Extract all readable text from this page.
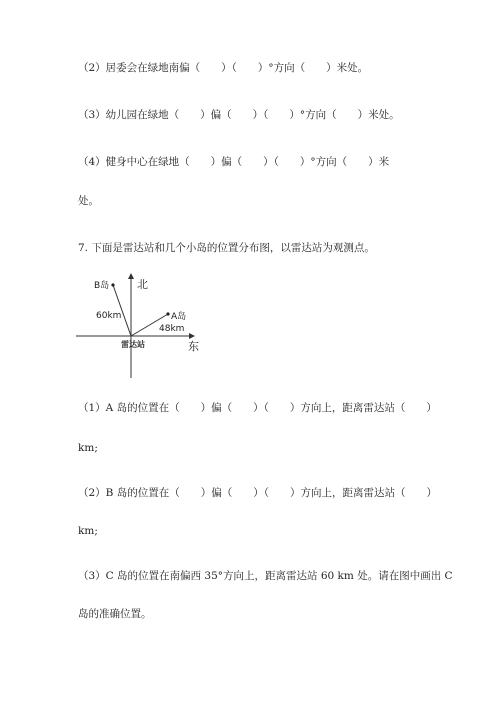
（2）居委会在绿地南偏（　　）（　　）°方向（　　）米处。
（3）幼儿园在绿地（　　）偏（　　）（　　）°方向（　　）米处。
（4）健身中心在绿地（　　）偏（　　）（　　）°方向（　　）米
处。
7. 下面是雷达站和几个小岛的位置分布图，以雷达站为观测点。
北
东
雷达站
B岛
60km	A岛
48km
（1）A 岛的位置在（　　）偏（　　）（　　）方向上，距离雷达站（　　）
km;
（2）B 岛的位置在（　　）偏（　　）（　　）方向上，距离雷达站（　　）
km;
（3）C 岛的位置在南偏西 35°方向上，距离雷达站 60 km 处。请在图中画出 C
岛的准确位置。
